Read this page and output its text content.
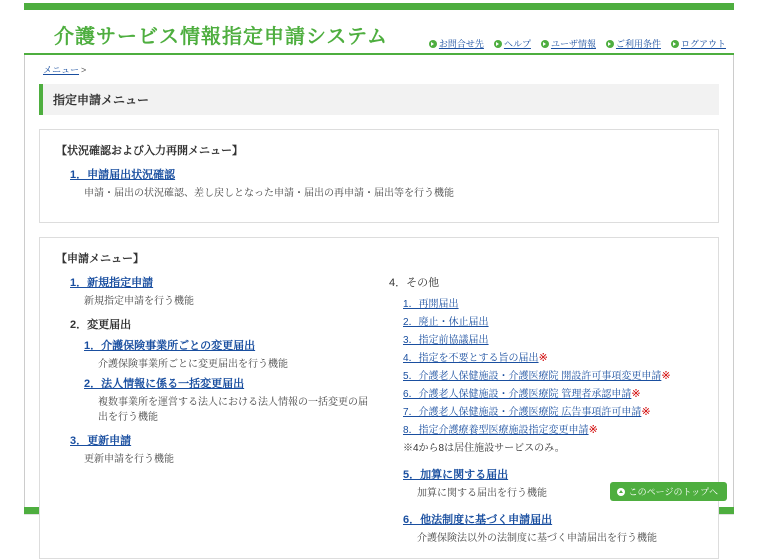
介護サービス情報指定申請システム	お問合せ先 ヘルプ ユーザ情報 ご利用条件 ログアウト
メニュー >
指定申請メニュー
【状況確認および入力再開メニュー】
1．申請届出状況確認
申請・届出の状況確認、差し戻しとなった申請・届出の再申請・届出等を行う機能
【申請メニュー】
1．新規指定申請
新規指定申請を行う機能
2．変更届出
1．介護保険事業所ごとの変更届出
介護保険事業所ごとに変更届出を行う機能
2．法人情報に係る一括変更届出
複数事業所を運営する法人における法人情報の一括変更の届出を行う機能
3．更新申請
更新申請を行う機能
4．その他
1．再開届出
2．廃止・休止届出
3．指定前協議届出
4．指定を不要とする旨の届出※
5．介護老人保健施設・介護医療院 開設許可事項変更申請※
6．介護老人保健施設・介護医療院 管理者承認申請※
7．介護老人保健施設・介護医療院 広告事項許可申請※
8．指定介護療養型医療施設指定変更申請※
※4から8は居住施設サービスのみ。
5．加算に関する届出
加算に関する届出を行う機能
6．他法制度に基づく申請届出
介護保険法以外の法制度に基づく申請届出を行う機能
このページのトップへ
